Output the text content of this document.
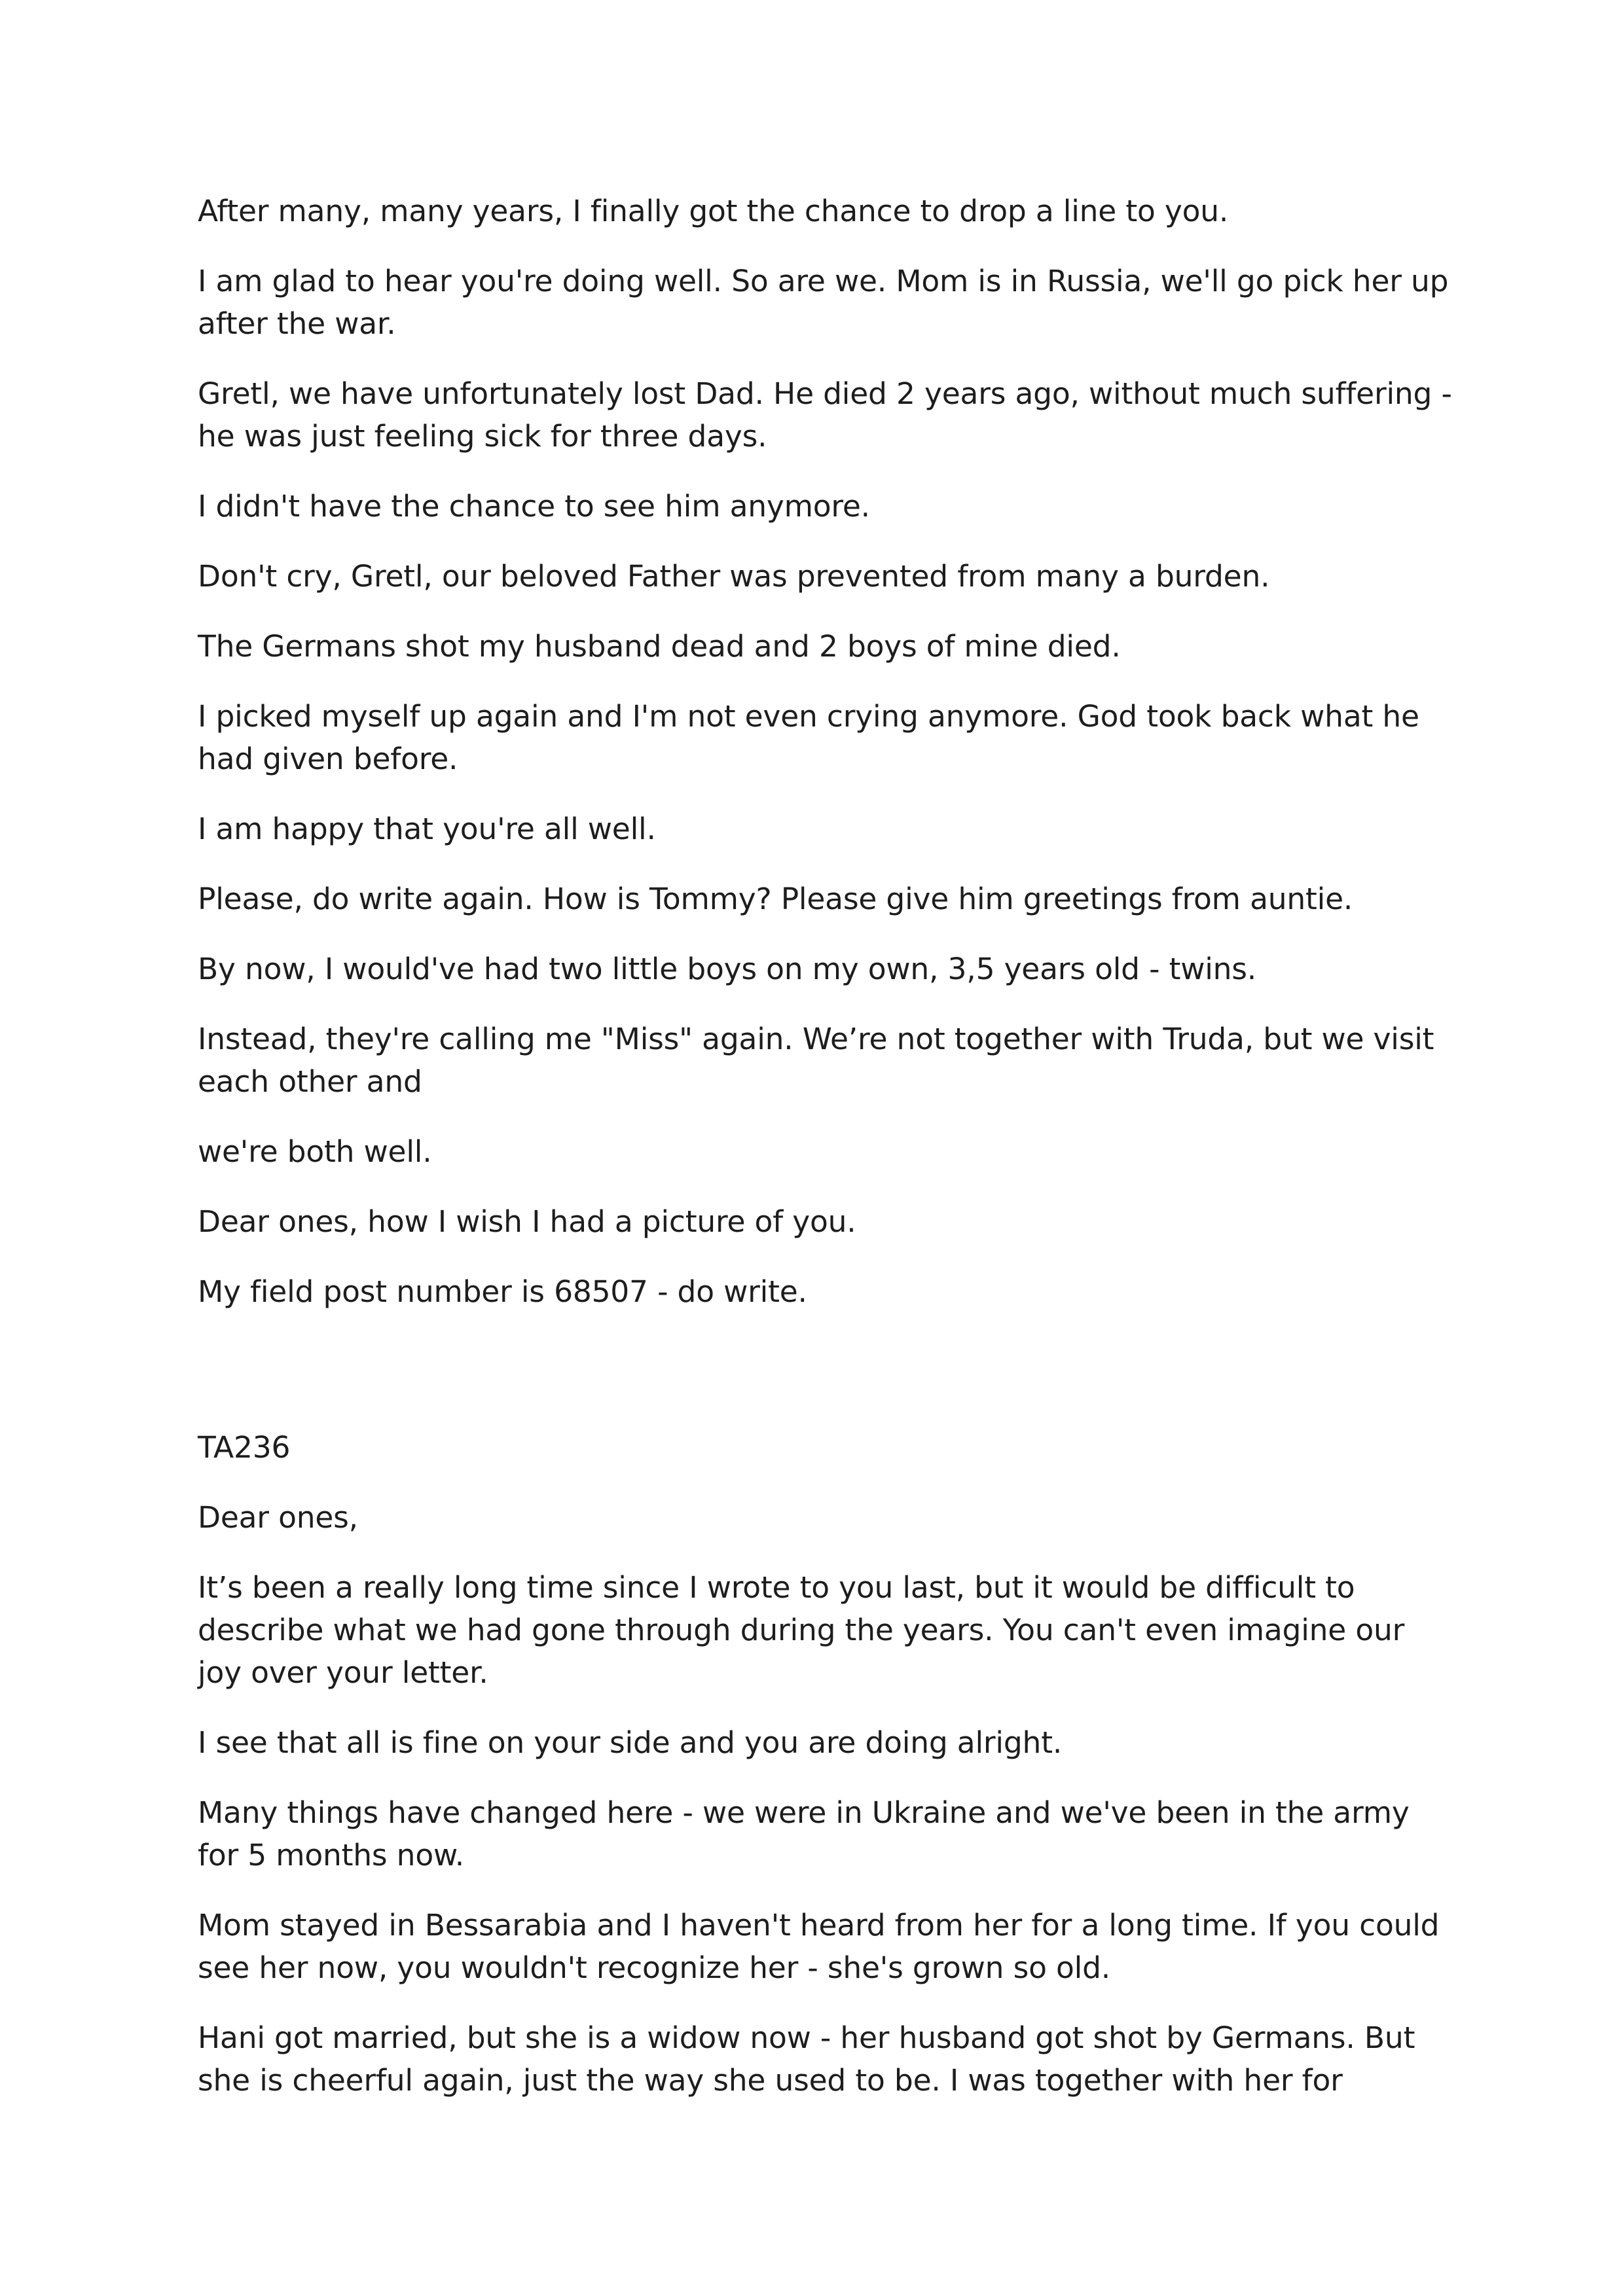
After many, many years, I finally got the chance to drop a line to you.

I am glad to hear you're doing well. So are we. Mom is in Russia, we'll go pick her up after the war.

Gretl, we have unfortunately lost Dad. He died 2 years ago, without much suffering - he was just feeling sick for three days.

I didn't have the chance to see him anymore.

Don't cry, Gretl, our beloved Father was prevented from many a burden.

The Germans shot my husband dead and 2 boys of mine died.

I picked myself up again and I'm not even crying anymore. God took back what he had given before.

I am happy that you're all well.

Please, do write again. How is Tommy? Please give him greetings from auntie.

By now, I would've had two little boys on my own, 3,5 years old - twins.

Instead, they're calling me "Miss" again. We’re not together with Truda, but we visit each other and

we're both well.

Dear ones, how I wish I had a picture of you.

My field post number is 68507 - do write.

TA236

Dear ones,

It’s been a really long time since I wrote to you last, but it would be difficult to describe what we had gone through during the years. You can't even imagine our joy over your letter.

I see that all is fine on your side and you are doing alright.

Many things have changed here - we were in Ukraine and we've been in the army for 5 months now.

Mom stayed in Bessarabia and I haven't heard from her for a long time. If you could see her now, you wouldn't recognize her - she's grown so old.

Hani got married, but she is a widow now - her husband got shot by Germans. But she is cheerful again, just the way she used to be. I was together with her for
